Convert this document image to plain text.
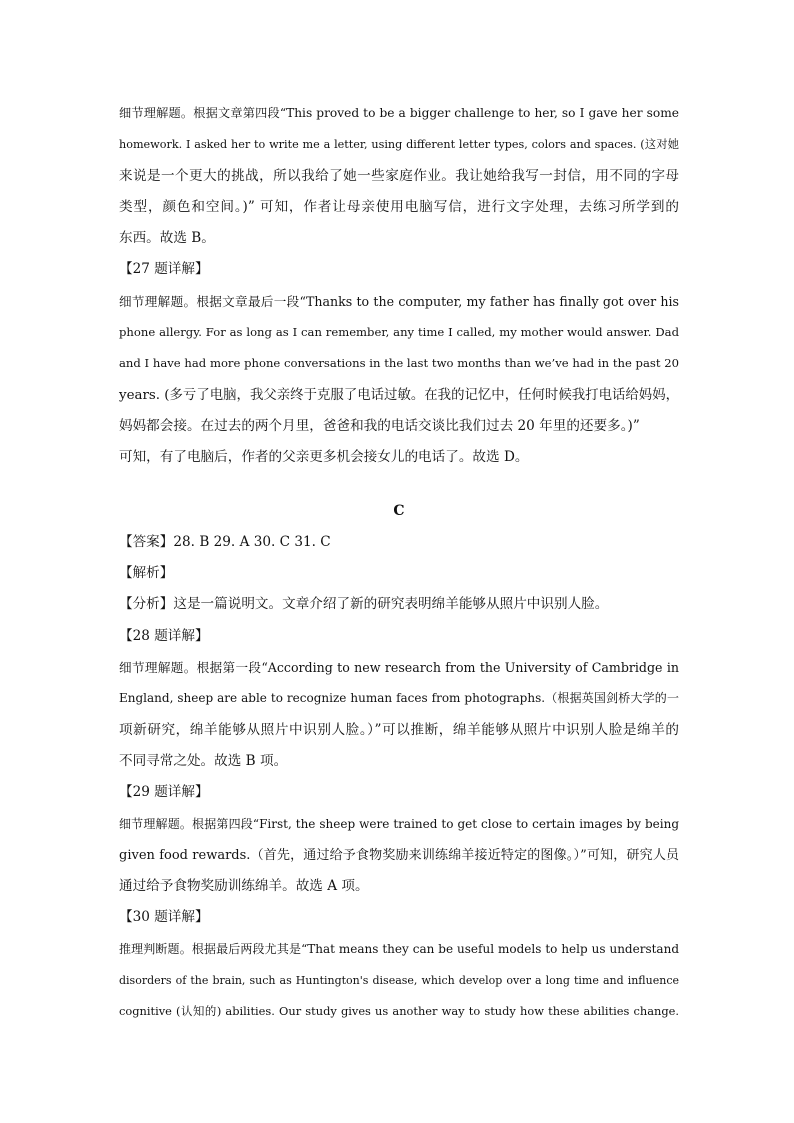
细节理解题。根据文章第四段“This proved to be a bigger challenge to her, so I gave her some
homework. I asked her to write me a letter, using different letter types, colors and spaces. (这对她
来说是一个更大的挑战，所以我给了她一些家庭作业。我让她给我写一封信，用不同的字母
类型，颜色和空间。)” 可知，作者让母亲使用电脑写信，进行文字处理，去练习所学到的
东西。故选 B。
【27 题详解】
细节理解题。根据文章最后一段“Thanks to the computer, my father has finally got over his
phone allergy. For as long as I can remember, any time I called, my mother would answer. Dad
and I have had more phone conversations in the last two months than we’ve had in the past 20
years. (多亏了电脑，我父亲终于克服了电话过敏。在我的记忆中，任何时候我打电话给妈妈，
妈妈都会接。在过去的两个月里，爸爸和我的电话交谈比我们过去 20 年里的还要多。)”
可知，有了电脑后，作者的父亲更多机会接女儿的电话了。故选 D。
C
【答案】28. B 29. A 30. C 31. C
【解析】
【分析】这是一篇说明文。文章介绍了新的研究表明绵羊能够从照片中识别人脸。
【28 题详解】
细节理解题。根据第一段“According to new research from the University of Cambridge in
England, sheep are able to recognize human faces from photographs.（根据英国剑桥大学的一
项新研究，绵羊能够从照片中识别人脸。）”可以推断，绵羊能够从照片中识别人脸是绵羊的
不同寻常之处。故选 B 项。
【29 题详解】
细节理解题。根据第四段“First, the sheep were trained to get close to certain images by being
given food rewards.（首先，通过给予食物奖励来训练绵羊接近特定的图像。）”可知，研究人员
通过给予食物奖励训练绵羊。故选 A 项。
【30 题详解】
推理判断题。根据最后两段尤其是“That means they can be useful models to help us understand
disorders of the brain, such as Huntington's disease, which develop over a long time and influence
cognitive (认知的) abilities. Our study gives us another way to study how these abilities change.
